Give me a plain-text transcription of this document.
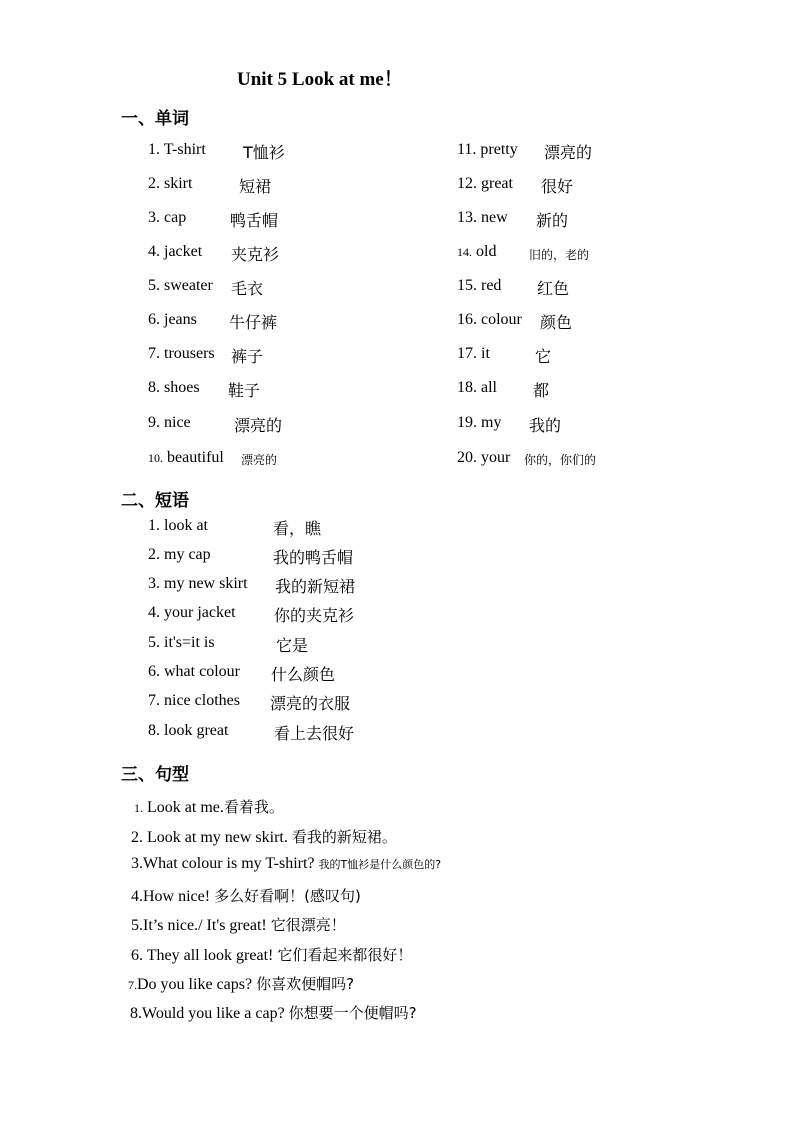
Unit 5 Look at me！
一、单词
1. T-shirt T恤衫
2. skirt	短裙
3. cap	鸭舌帽
4. jacket 夹克衫
5. sweater 毛衣
6. jeans 牛仔裤
7. trousers 裤子
8. shoes 鞋子
9. nice	漂亮的
10. beautiful 漂亮的
11. pretty 漂亮的
12. great 很好
13. new 新的
14. old	旧的，老的
15. red 红色
16. colour 颜色
17. it	它
18. all 都
19. my 我的
20. your 你的，你们的
二、短语
1. look at	看，瞧
2. my cap	我的鸭舌帽
3. my new skirt 我的新短裙
4. your jacket 你的夹克衫
5. it's=it is	它是
6. what colour 什么颜色
7. nice clothes 漂亮的衣服
8. look great	看上去很好
三、句型
1. Look at me.看着我。
2. Look at my new skirt. 看我的新短裙。
3.What colour is my T-shirt? 我的T恤衫是什么颜色的?
4.How nice! 多么好看啊！(感叹句)
5.It’s nice./ It's great! 它很漂亮！
6. They all look great! 它们看起来都很好！
7.Do you like caps? 你喜欢便帽吗?
8.Would you like a cap? 你想要一个便帽吗?
